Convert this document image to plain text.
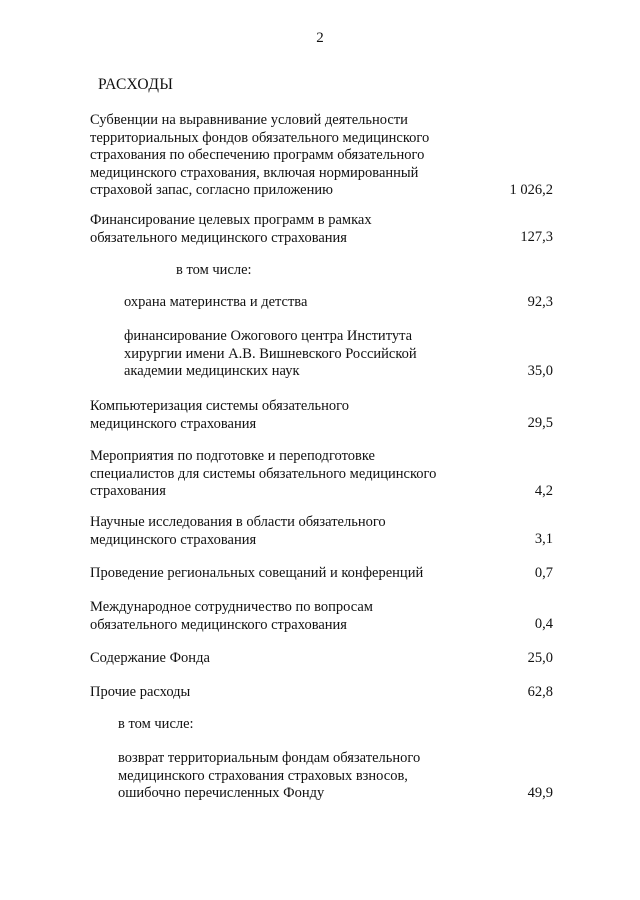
2
РАСХОДЫ
Субвенции на выравнивание условий деятельности
территориальных фондов обязательного медицинского
страхования по обеспечению программ обязательного
медицинского страхования, включая нормированный
страховой запас, согласно приложению	1 026,2
Финансирование целевых программ в рамках
обязательного медицинского страхования	127,3
в том числе:
охрана материнства и детства	92,3
финансирование Ожогового центра Института
хирургии имени А.В. Вишневского Российской
академии медицинских наук	35,0
Компьютеризация системы обязательного
медицинского страхования	29,5
Мероприятия по подготовке и переподготовке
специалистов для системы обязательного медицинского
страхования	4,2
Научные исследования в области обязательного
медицинского страхования	3,1
Проведение региональных совещаний и конференций	0,7
Международное сотрудничество по вопросам
обязательного медицинского страхования	0,4
Содержание Фонда	25,0
Прочие расходы	62,8
в том числе:
возврат территориальным фондам обязательного
медицинского страхования страховых взносов,
ошибочно перечисленных Фонду	49,9
